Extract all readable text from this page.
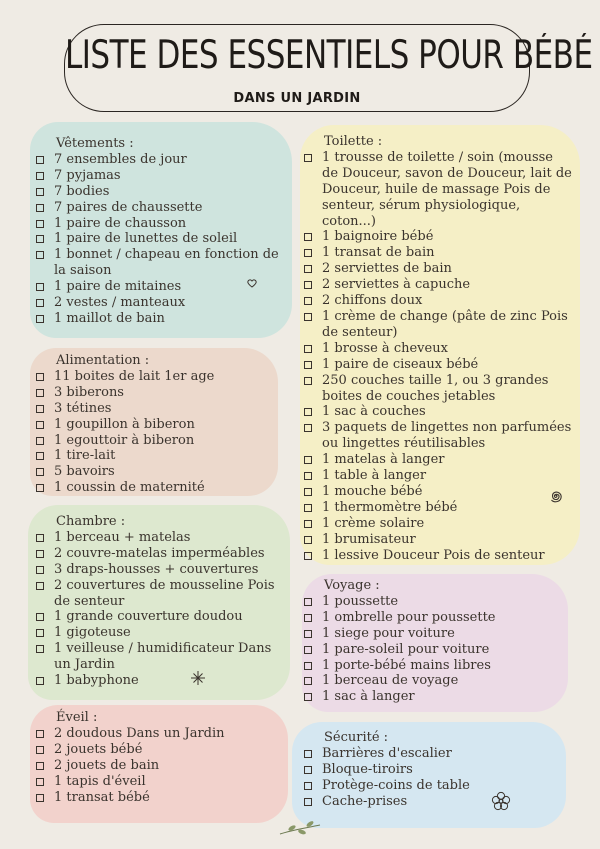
LISTE DES ESSENTIELS POUR BÉBÉ
DANS UN JARDIN
Vêtements :
7 ensembles de jour
7 pyjamas
7 bodies
7 paires de chaussette
1 paire de chausson
1 paire de lunettes de soleil
1 bonnet / chapeau en fonction de la saison
1 paire de mitaines
2 vestes / manteaux
1 maillot de bain
Alimentation :
11 boites de lait 1er age
3 biberons
3 tétines
1 goupillon à biberon
1 egouttoir à biberon
1 tire-lait
5 bavoirs
1 coussin de maternité
Chambre :
1 berceau + matelas
2 couvre-matelas imperméables
3 draps-housses + couvertures
2 couvertures de mousseline Pois de senteur
1 grande couverture doudou
1 gigoteuse
1 veilleuse / humidificateur Dans un Jardin
1 babyphone
Éveil :
2 doudous Dans un Jardin
2 jouets bébé
2 jouets de bain
1 tapis d'éveil
1 transat bébé
Toilette :
1 trousse de toilette / soin (mousse de Douceur, savon de Douceur, lait de Douceur, huile de massage Pois de senteur, sérum physiologique, coton...)
1 baignoire bébé
1 transat de bain
2 serviettes de bain
2 serviettes à capuche
2 chiffons doux
1 crème de change (pâte de zinc Pois de senteur)
1 brosse à cheveux
1 paire de ciseaux bébé
250 couches taille 1, ou 3 grandes boites de couches jetables
1 sac à couches
3 paquets de lingettes non parfumées ou lingettes réutilisables
1 matelas à langer
1 table à langer
1 mouche bébé
1 thermomètre bébé
1 crème solaire
1 brumisateur
1 lessive Douceur Pois de senteur
Voyage :
1 poussette
1 ombrelle pour poussette
1 siege pour voiture
1 pare-soleil pour voiture
1 porte-bébé mains libres
1 berceau de voyage
1 sac à langer
Sécurité :
Barrières d'escalier
Bloque-tiroirs
Protège-coins de table
Cache-prises
